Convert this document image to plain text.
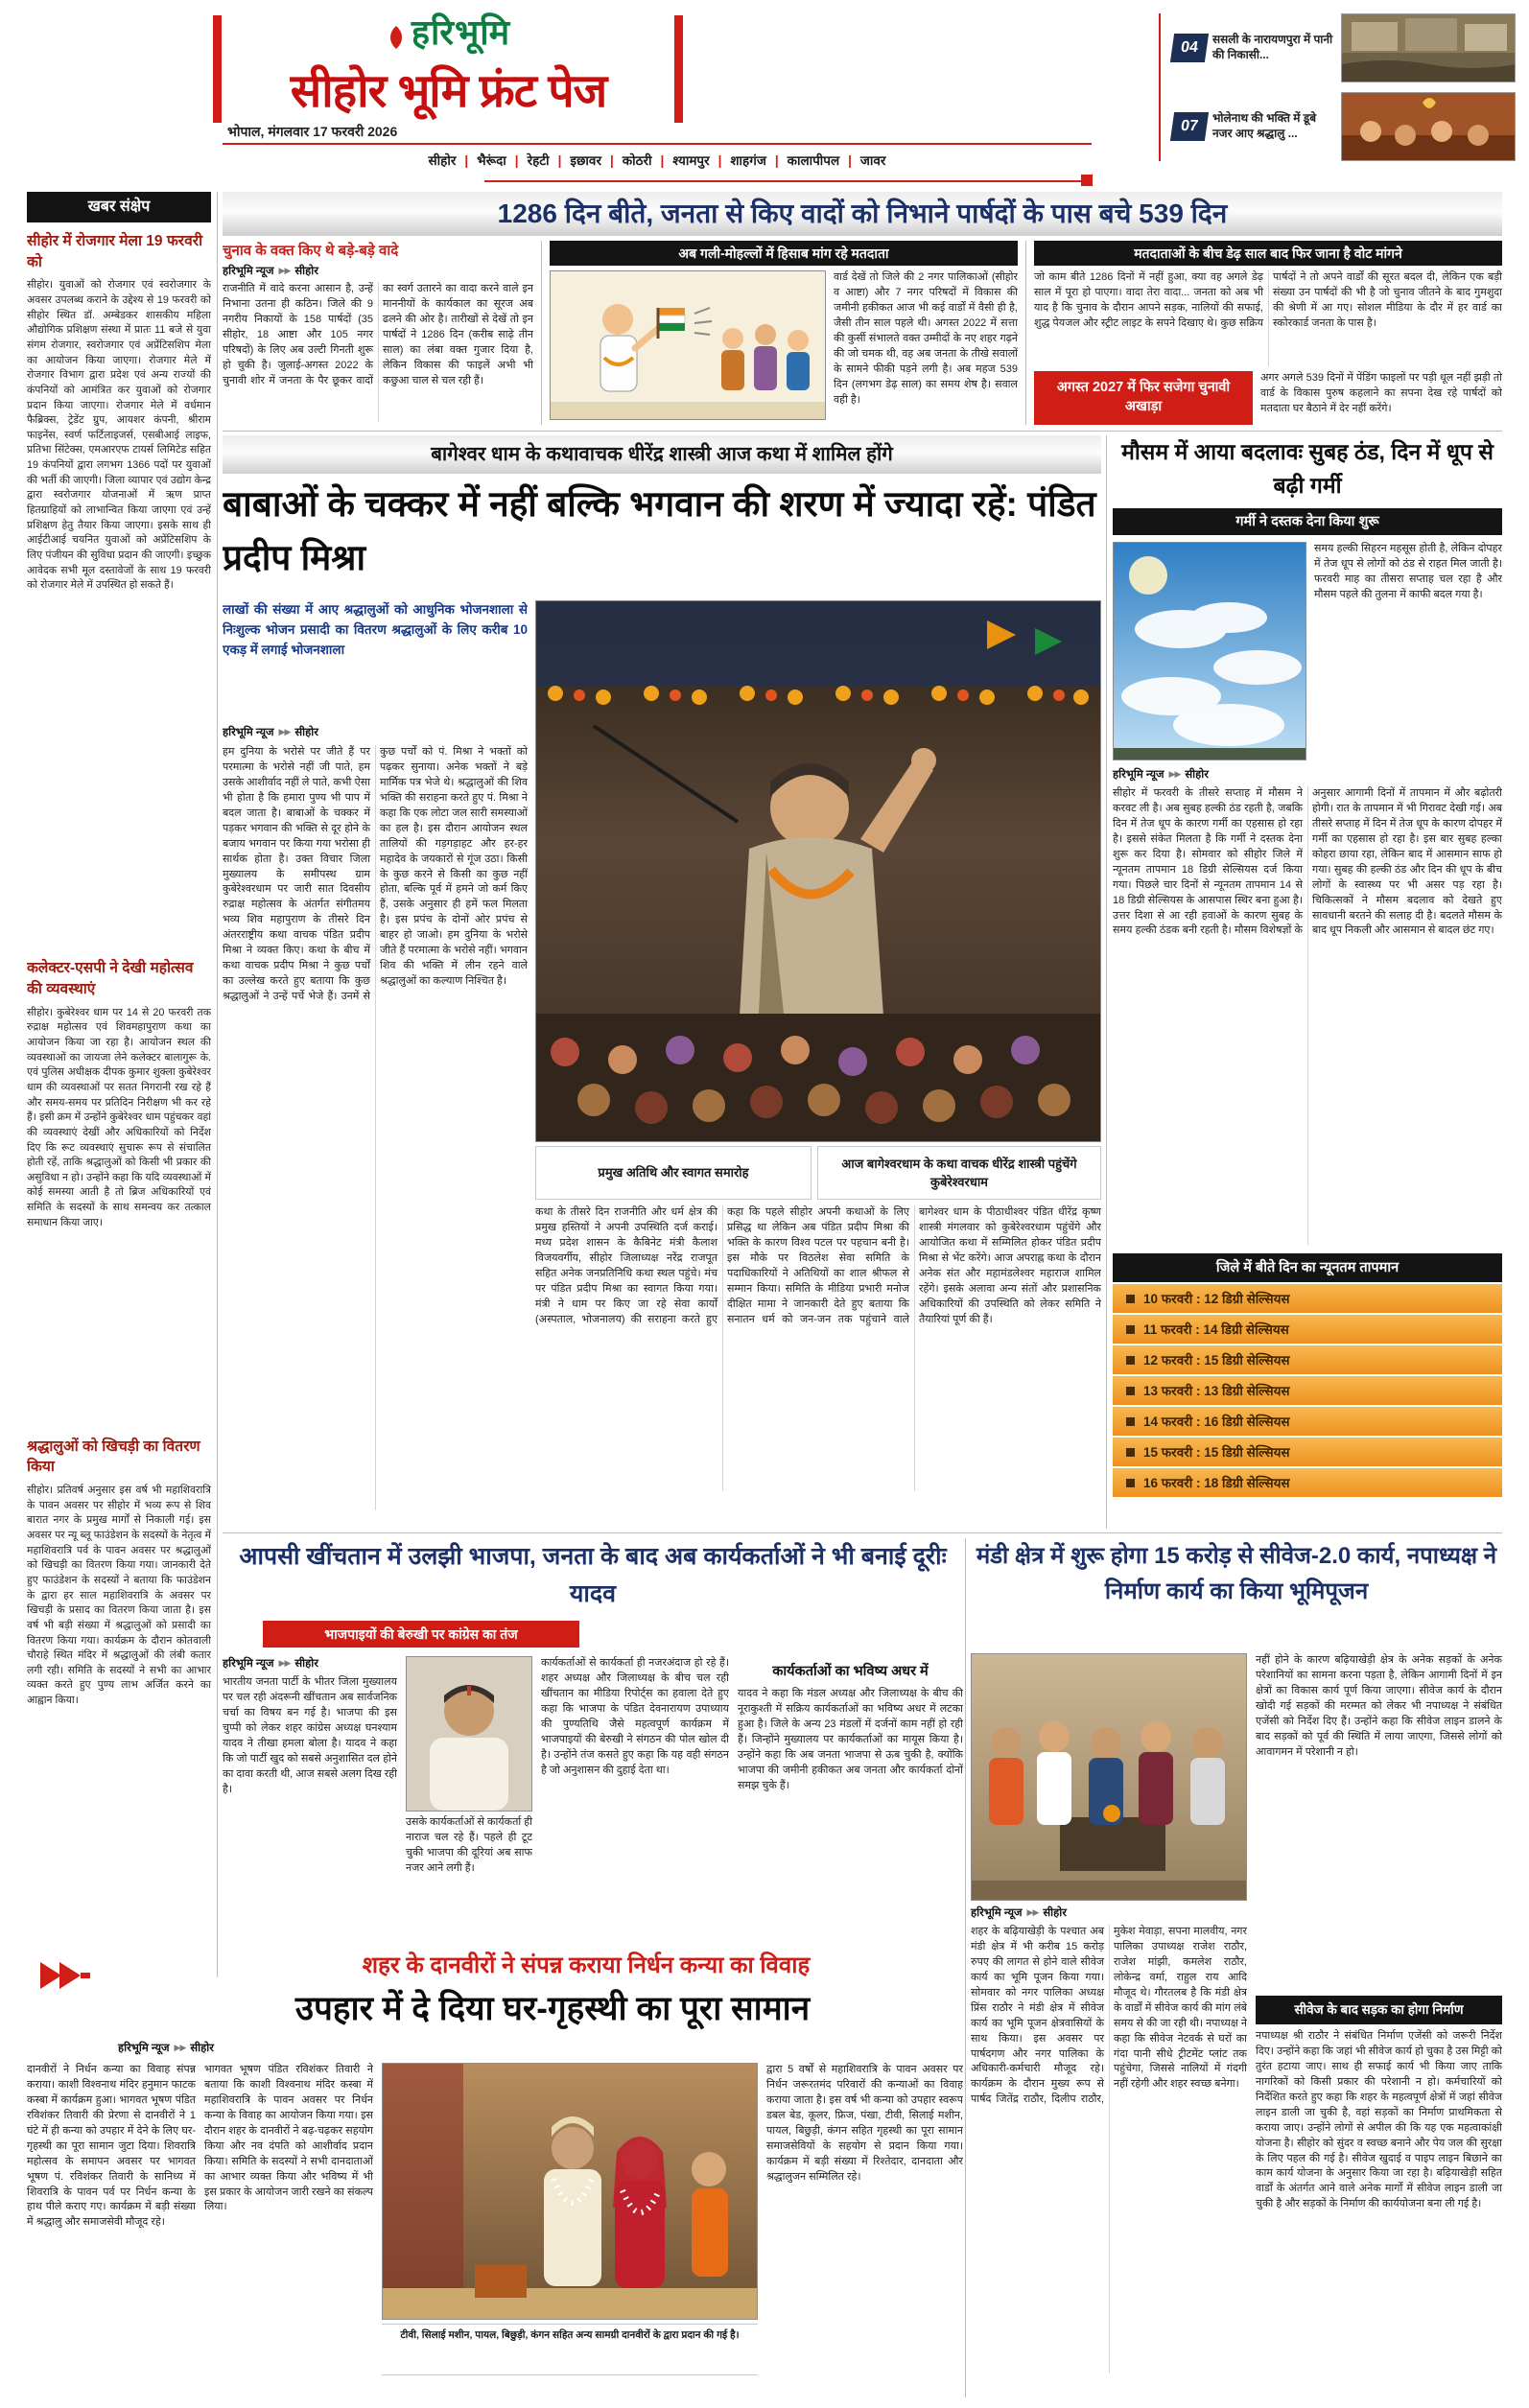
हरिभूमि
सीहोर भूमि फ्रंट पेज
भोपाल, मंगलवार 17 फरवरी 2026
सीहोर | भैरूंदा | रेहटी | इछावर | कोठरी | श्यामपुर | शाहगंज | कालापीपल | जावर
04	ससली के नारायणपुरा में पानी की निकासी...
07	भोलेनाथ की भक्ति में डूबे नजर आए श्रद्धालु ...
खबर संक्षेप
सीहोर में रोजगार मेला 19 फरवरी को
सीहोर। युवाओं को रोजगार एवं स्वरोजगार के अवसर उपलब्ध कराने के उद्देश्य से 19 फरवरी को सीहोर स्थित डॉ. अम्बेडकर शासकीय महिला औद्योगिक प्रशिक्षण संस्था में प्रातः 11 बजे से युवा संगम रोजगार, स्वरोजगार एवं अप्रेंटिसशिप मेला का आयोजन किया जाएगा। रोजगार मेले में रोजगार विभाग द्वारा प्रदेश एवं अन्य राज्यों की कंपनियों को आमंत्रित कर युवाओं को रोजगार प्रदान किया जाएगा। रोजगार मेले में वर्धमान फैब्रिक्स, ट्रेडेंट ग्रुप, आयशर कंपनी, श्रीराम फाइनेंस, स्वर्ण फर्टिलाइजर्स, एसबीआई लाइफ, प्रतिभा सिंटेक्स, एमआरएफ टायर्स लिमिटेड सहित 19 कंपनियों द्वारा लगभग 1366 पदों पर युवाओं की भर्ती की जाएगी। जिला व्यापार एवं उद्योग केन्द्र द्वारा स्वरोजगार योजनाओं में ऋण प्राप्त हितग्राहियों को लाभान्वित किया जाएगा एवं उन्हें प्रशिक्षण हेतु तैयार किया जाएगा। इसके साथ ही आईटीआई चयनित युवाओं को अप्रेंटिसशिप के लिए पंजीयन की सुविधा प्रदान की जाएगी। इच्छुक आवेदक सभी मूल दस्तावेजों के साथ 19 फरवरी को रोजगार मेले में उपस्थित हो सकते हैं।
कलेक्टर-एसपी ने देखी महोत्सव की व्यवस्थाएं
सीहोर। कुबेरेश्वर धाम पर 14 से 20 फरवरी तक रुद्राक्ष महोत्सव एवं शिवमहापुराण कथा का आयोजन किया जा रहा है। आयोजन स्थल की व्यवस्थाओं का जायजा लेने कलेक्टर बालागुरू के. एवं पुलिस अधीक्षक दीपक कुमार शुक्ला कुबेरेश्वर धाम की व्यवस्थाओं पर सतत निगरानी रख रहे हैं और समय-समय पर प्रतिदिन निरीक्षण भी कर रहे हैं। इसी क्रम में उन्होंने कुबेरेश्वर धाम पहुंचकर वहां की व्यवस्थाएं देखीं और अधिकारियों को निर्देश दिए कि रूट व्यवस्थाएं सुचारू रूप से संचालित होती रहें, ताकि श्रद्धालुओं को किसी भी प्रकार की असुविधा न हो। उन्होंने कहा कि यदि व्यवस्थाओं में कोई समस्या आती है तो ब्रिज अधिकारियों एवं समिति के सदस्यों के साथ समन्वय कर तत्काल समाधान किया जाए।
श्रद्धालुओं को खिचड़ी का वितरण किया
सीहोर। प्रतिवर्ष अनुसार इस वर्ष भी महाशिवरात्रि के पावन अवसर पर सीहोर में भव्य रूप से शिव बारात नगर के प्रमुख मार्गों से निकाली गई। इस अवसर पर न्यू ब्लू फाउंडेशन के सदस्यों के नेतृत्व में महाशिवरात्रि पर्व के पावन अवसर पर श्रद्धालुओं को खिचड़ी का वितरण किया गया। जानकारी देते हुए फाउंडेशन के सदस्यों ने बताया कि फाउंडेशन के द्वारा हर साल महाशिवरात्रि के अवसर पर खिचड़ी के प्रसाद का वितरण किया जाता है। इस वर्ष भी बड़ी संख्या में श्रद्धालुओं को प्रसादी का वितरण किया गया। कार्यक्रम के दौरान कोतवाली चौराहे स्थित मंदिर में श्रद्धालुओं की लंबी कतार लगी रही। समिति के सदस्यों ने सभी का आभार व्यक्त करते हुए पुण्य लाभ अर्जित करने का आह्वान किया।
1286 दिन बीते, जनता से किए वादों को निभाने पार्षदों के पास बचे 539 दिन
चुनाव के वक्त किए थे बड़े-बड़े वादे
हरिभूमि न्यूज ▶▶ सीहोर
राजनीति में वादे करना आसान है, उन्हें निभाना उतना ही कठिन। जिले की 9 नगरीय निकायों के 158 पार्षदों (35 सीहोर, 18 आष्टा और 105 नगर परिषदों) के लिए अब उल्टी गिनती शुरू हो चुकी है। जुलाई-अगस्त 2022 के चुनावी शोर में जनता के पैर छूकर वादों का स्वर्ग उतारने का वादा करने वाले इन माननीयों के कार्यकाल का सूरज अब ढलने की ओर है। तारीखों से देखें तो इन पार्षदों ने 1286 दिन (करीब साढ़े तीन साल) का लंबा वक्त गुजार दिया है, लेकिन विकास की फाइलें अभी भी कछुआ चाल से चल रही हैं।
अब गली-मोहल्लों में हिसाब मांग रहे मतदाता
वार्ड देखें तो जिले की 2 नगर पालिकाओं (सीहोर व आष्टा) और 7 नगर परिषदों में विकास की जमीनी हकीकत आज भी कई वार्डों में वैसी ही है, जैसी तीन साल पहले थी। अगस्त 2022 में सत्ता की कुर्सी संभालते वक्त उम्मीदों के नए शहर गढ़ने की जो चमक थी, वह अब जनता के तीखे सवालों के सामने फीकी पड़ने लगी है। अब महज 539 दिन (लगभग डेढ़ साल) का समय शेष है। सवाल वही है।
मतदाताओं के बीच डेढ़ साल बाद फिर जाना है वोट मांगने
जो काम बीते 1286 दिनों में नहीं हुआ, क्या वह अगले डेढ़ साल में पूरा हो पाएगा। वादा तेरा वादा... जनता को अब भी याद है कि चुनाव के दौरान आपने सड़क, नालियों की सफाई, शुद्ध पेयजल और स्ट्रीट लाइट के सपने दिखाए थे। कुछ सक्रिय पार्षदों ने तो अपने वार्डों की सूरत बदल दी, लेकिन एक बड़ी संख्या उन पार्षदों की भी है जो चुनाव जीतने के बाद गुमशुदा की श्रेणी में आ गए। सोशल मीडिया के दौर में हर वार्ड का स्कोरकार्ड जनता के पास है।
अगस्त 2027 में फिर सजेगा चुनावी अखाड़ा
अगर अगले 539 दिनों में पेंडिंग फाइलों पर पड़ी धूल नहीं झड़ी तो वार्ड के विकास पुरुष कहलाने का सपना देख रहे पार्षदों को मतदाता घर बैठाने में देर नहीं करेंगे।
बागेश्वर धाम के कथावाचक धीरेंद्र शास्त्री आज कथा में शामिल होंगे
बाबाओं के चक्कर में नहीं बल्कि भगवान की शरण में ज्यादा रहें: पंडित प्रदीप मिश्रा
लाखों की संख्या में आए श्रद्धालुओं को आधुनिक भोजनशाला से निःशुल्क भोजन प्रसादी का वितरण श्रद्धालुओं के लिए करीब 10 एकड़ में लगाई भोजनशाला
हरिभूमि न्यूज ▶▶ सीहोर
हम दुनिया के भरोसे पर जीते हैं पर परमात्मा के भरोसे नहीं जी पाते, हम उसके आशीर्वाद नहीं ले पाते, कभी ऐसा भी होता है कि हमारा पुण्य भी पाप में बदल जाता है। बाबाओं के चक्कर में पड़कर भगवान की भक्ति से दूर होने के बजाय भगवान पर किया गया भरोसा ही सार्थक होता है। उक्त विचार जिला मुख्यालय के समीपस्थ ग्राम कुबेरेश्वरधाम पर जारी सात दिवसीय रुद्राक्ष महोत्सव के अंतर्गत संगीतमय भव्य शिव महापुराण के तीसरे दिन अंतरराष्ट्रीय कथा वाचक पंडित प्रदीप मिश्रा ने व्यक्त किए। कथा के बीच में कथा वाचक प्रदीप मिश्रा ने कुछ पर्चों का उल्लेख करते हुए बताया कि कुछ श्रद्धालुओं ने उन्हें पर्चे भेजे हैं। उनमें से कुछ पर्चों को पं. मिश्रा ने भक्तों को पढ़कर सुनाया। अनेक भक्तों ने बड़े मार्मिक पत्र भेजे थे। श्रद्धालुओं की शिव भक्ति की सराहना करते हुए पं. मिश्रा ने कहा कि एक लोटा जल सारी समस्याओं का हल है। इस दौरान आयोजन स्थल तालियों की गड़गड़ाहट और हर-हर महादेव के जयकारों से गूंज उठा। किसी के कुछ करने से किसी का कुछ नहीं होता, बल्कि पूर्व में हमने जो कर्म किए हैं, उसके अनुसार ही हमें फल मिलता है। इस प्रपंच के दोनों ओर प्रपंच से बाहर हो जाओ। हम दुनिया के भरोसे जीते हैं परमात्मा के भरोसे नहीं। भगवान शिव की भक्ति में लीन रहने वाले श्रद्धालुओं का कल्याण निश्चित है।
प्रमुख अतिथि और स्वागत समारोह
आज बागेश्वरधाम के कथा वाचक धीरेंद्र शास्त्री पहुंचेंगे कुबेरेश्वरधाम
कथा के तीसरे दिन राजनीति और धर्म क्षेत्र की प्रमुख हस्तियों ने अपनी उपस्थिति दर्ज कराई। मध्य प्रदेश शासन के कैबिनेट मंत्री कैलाश विजयवर्गीय, सीहोर जिलाध्यक्ष नरेंद्र राजपूत सहित अनेक जनप्रतिनिधि कथा स्थल पहुंचे। मंच पर पंडित प्रदीप मिश्रा का स्वागत किया गया। मंत्री ने धाम पर किए जा रहे सेवा कार्यों (अस्पताल, भोजनालय) की सराहना करते हुए कहा कि पहले सीहोर अपनी कथाओं के लिए प्रसिद्ध था लेकिन अब पंडित प्रदीप मिश्रा की भक्ति के कारण विश्व पटल पर पहचान बनी है। इस मौके पर विठलेश सेवा समिति के पदाधिकारियों ने अतिथियों का शाल श्रीफल से सम्मान किया। समिति के मीडिया प्रभारी मनोज दीक्षित मामा ने जानकारी देते हुए बताया कि सनातन धर्म को जन-जन तक पहुंचाने वाले बागेश्वर धाम के पीठाधीश्वर पंडित धीरेंद्र कृष्ण शास्त्री मंगलवार को कुबेरेश्वरधाम पहुंचेंगे और आयोजित कथा में सम्मिलित होकर पंडित प्रदीप मिश्रा से भेंट करेंगे। आज अपराह्न कथा के दौरान अनेक संत और महामंडलेश्वर महाराज शामिल रहेंगे। इसके अलावा अन्य संतों और प्रशासनिक अधिकारियों की उपस्थिति को लेकर समिति ने तैयारियां पूर्ण की हैं।
मौसम में आया बदलावः सुबह ठंड, दिन में धूप से बढ़ी गर्मी
गर्मी ने दस्तक देना किया शुरू
समय हल्की सिहरन महसूस होती है, लेकिन दोपहर में तेज धूप से लोगों को ठंड से राहत मिल जाती है। फरवरी माह का तीसरा सप्ताह चल रहा है और मौसम पहले की तुलना में काफी बदल गया है।
हरिभूमि न्यूज ▶▶ सीहोर
सीहोर में फरवरी के तीसरे सप्ताह में मौसम ने करवट ली है। अब सुबह हल्की ठंड रहती है, जबकि दिन में तेज धूप के कारण गर्मी का एहसास हो रहा है। इससे संकेत मिलता है कि गर्मी ने दस्तक देना शुरू कर दिया है। सोमवार को सीहोर जिले में न्यूनतम तापमान 18 डिग्री सेल्सियस दर्ज किया गया। पिछले चार दिनों से न्यूनतम तापमान 14 से 18 डिग्री सेल्सियस के आसपास स्थिर बना हुआ है। उत्तर दिशा से आ रही हवाओं के कारण सुबह के समय हल्की ठंडक बनी रहती है। मौसम विशेषज्ञों के अनुसार आगामी दिनों में तापमान में और बढ़ोतरी होगी। रात के तापमान में भी गिरावट देखी गई। अब तीसरे सप्ताह में दिन में तेज धूप के कारण दोपहर में गर्मी का एहसास हो रहा है। इस बार सुबह हल्का कोहरा छाया रहा, लेकिन बाद में आसमान साफ हो गया। सुबह की हल्की ठंड और दिन की धूप के बीच लोगों के स्वास्थ्य पर भी असर पड़ रहा है। चिकित्सकों ने मौसम बदलाव को देखते हुए सावधानी बरतने की सलाह दी है। बदलते मौसम के बाद धूप निकली और आसमान से बादल छंट गए।
जिले में बीते दिन का न्यूनतम तापमान
10 फरवरी : 12 डिग्री सेल्सियस
11 फरवरी : 14 डिग्री सेल्सियस
12 फरवरी : 15 डिग्री सेल्सियस
13 फरवरी : 13 डिग्री सेल्सियस
14 फरवरी : 16 डिग्री सेल्सियस
15 फरवरी : 15 डिग्री सेल्सियस
16 फरवरी : 18 डिग्री सेल्सियस
आपसी खींचतान में उलझी भाजपा, जनता के बाद अब कार्यकर्ताओं ने भी बनाई दूरीः यादव
भाजपाइयों की बेरुखी पर कांग्रेस का तंज
हरिभूमि न्यूज ▶▶ सीहोर
भारतीय जनता पार्टी के भीतर जिला मुख्यालय पर चल रही अंदरूनी खींचतान अब सार्वजनिक चर्चा का विषय बन गई है। भाजपा की इस चुप्पी को लेकर शहर कांग्रेस अध्यक्ष घनश्याम यादव ने तीखा हमला बोला है। यादव ने कहा कि जो पार्टी खुद को सबसे अनुशासित दल होने का दावा करती थी, आज सबसे अलग दिख रही है।
उसके कार्यकर्ताओं से कार्यकर्ता ही नाराज चल रहे हैं। पहले ही टूट चुकी भाजपा की दूरियां अब साफ नजर आने लगी हैं।
कार्यकर्ताओं से कार्यकर्ता ही नजरअंदाज हो रहे हैं। शहर अध्यक्ष और जिलाध्यक्ष के बीच चल रही खींचतान का मीडिया रिपोर्ट्स का हवाला देते हुए कहा कि भाजपा के पंडित देवनारायण उपाध्याय की पुण्यतिथि जैसे महत्वपूर्ण कार्यक्रम में भाजपाइयों की बेरुखी ने संगठन की पोल खोल दी है। उन्होंने तंज कसते हुए कहा कि यह वही संगठन है जो अनुशासन की दुहाई देता था।
कार्यकर्ताओं का भविष्य अधर में
यादव ने कहा कि मंडल अध्यक्ष और जिलाध्यक्ष के बीच की नूराकुश्ती में सक्रिय कार्यकर्ताओं का भविष्य अधर में लटका हुआ है। जिले के अन्य 23 मंडलों में दर्जनों काम नहीं हो रही हैं। जिन्होंने मुख्यालय पर कार्यकर्ताओं का मायूस किया है। उन्होंने कहा कि अब जनता भाजपा से ऊब चुकी है, क्योंकि भाजपा की जमीनी हकीकत अब जनता और कार्यकर्ता दोनों समझ चुके हैं।
मंडी क्षेत्र में शुरू होगा 15 करोड़ से सीवेज-2.0 कार्य, नपाध्यक्ष ने निर्माण कार्य का किया भूमिपूजन
हरिभूमि न्यूज ▶▶ सीहोर
शहर के बढ़ियाखेड़ी के पश्चात अब मंडी क्षेत्र में भी करीब 15 करोड़ रुपए की लागत से होने वाले सीवेज कार्य का भूमि पूजन किया गया। सोमवार को नगर पालिका अध्यक्ष प्रिंस राठौर ने मंडी क्षेत्र में सीवेज कार्य का भूमि पूजन क्षेत्रवासियों के साथ किया। इस अवसर पर पार्षदगण और नगर पालिका के अधिकारी-कर्मचारी मौजूद रहे। कार्यक्रम के दौरान मुख्य रूप से पार्षद जितेंद्र राठौर, दिलीप राठौर, मुकेश मेवाड़ा, सपना मालवीय, नगर पालिका उपाध्यक्ष राजेश राठौर, राजेश मांझी, कमलेश राठौर, लोकेन्द्र वर्मा, राहुल राय आदि मौजूद थे। गौरतलब है कि मंडी क्षेत्र के वार्डों में सीवेज कार्य की मांग लंबे समय से की जा रही थी। नपाध्यक्ष ने कहा कि सीवेज नेटवर्क से घरों का गंदा पानी सीधे ट्रीटमेंट प्लांट तक पहुंचेगा, जिससे नालियों में गंदगी नहीं रहेगी और शहर स्वच्छ बनेगा।
नहीं होने के कारण बढ़ियाखेड़ी क्षेत्र के अनेक सड़कों के अनेक परेशानियों का सामना करना पड़ता है, लेकिन आगामी दिनों में इन क्षेत्रों का विकास कार्य पूर्ण किया जाएगा। सीवेज कार्य के दौरान खोदी गई सड़कों की मरम्मत को लेकर भी नपाध्यक्ष ने संबंधित एजेंसी को निर्देश दिए हैं। उन्होंने कहा कि सीवेज लाइन डालने के बाद सड़कों को पूर्व की स्थिति में लाया जाएगा, जिससे लोगों को आवागमन में परेशानी न हो।
सीवेज के बाद सड़क का होगा निर्माण
नपाध्यक्ष श्री राठौर ने संबंधित निर्माण एजेंसी को जरूरी निर्देश दिए। उन्होंने कहा कि जहां भी सीवेज कार्य हो चुका है उस मिट्टी को तुरंत हटाया जाए। साथ ही सफाई कार्य भी किया जाए ताकि नागरिकों को किसी प्रकार की परेशानी न हो। कर्मचारियों को निर्देशित करते हुए कहा कि शहर के महत्वपूर्ण क्षेत्रों में जहां सीवेज लाइन डाली जा चुकी है, वहां सड़कों का निर्माण प्राथमिकता से कराया जाए। उन्होंने लोगों से अपील की कि यह एक महत्वाकांक्षी योजना है। सीहोर को सुंदर व स्वच्छ बनाने और पेय जल की सुरक्षा के लिए पहल की गई है। सीवेज खुदाई व पाइप लाइन बिछाने का काम कार्य योजना के अनुसार किया जा रहा है। बढ़ियाखेड़ी सहित वार्डों के अंतर्गत आने वाले अनेक मार्गों में सीवेज लाइन डाली जा चुकी है और सड़कों के निर्माण की कार्ययोजना बना ली गई है।
शहर के दानवीरों ने संपन्न कराया निर्धन कन्या का विवाह
उपहार में दे दिया घर-गृहस्थी का पूरा सामान
हरिभूमि न्यूज ▶▶ सीहोर
दानवीरों ने निर्धन कन्या का विवाह संपन्न कराया। काशी विश्वनाथ मंदिर हनुमान फाटक कस्बा में कार्यक्रम हुआ। भागवत भूषण पंडित रविशंकर तिवारी की प्रेरणा से दानवीरों ने 1 घंटे में ही कन्या को उपहार में देने के लिए घर-गृहस्थी का पूरा सामान जुटा दिया। शिवरात्रि महोत्सव के समापन अवसर पर भागवत भूषण पं. रविशंकर तिवारी के सानिध्य में शिवरात्रि के पावन पर्व पर निर्धन कन्या के हाथ पीले कराए गए। कार्यक्रम में बड़ी संख्या में श्रद्धालु और समाजसेवी मौजूद रहे।
भागवत भूषण पंडित रविशंकर तिवारी ने बताया कि काशी विश्वनाथ मंदिर कस्बा में महाशिवरात्रि के पावन अवसर पर निर्धन कन्या के विवाह का आयोजन किया गया। इस दौरान शहर के दानवीरों ने बढ़-चढ़कर सहयोग किया और नव दंपति को आशीर्वाद प्रदान किया। समिति के सदस्यों ने सभी दानदाताओं का आभार व्यक्त किया और भविष्य में भी इस प्रकार के आयोजन जारी रखने का संकल्प लिया।
टीवी, सिलाई मशीन, पायल, बिछुड़ी, कंगन सहित अन्य सामग्री दानवीरों के द्वारा प्रदान की गई है।
द्वारा 5 वर्षों से महाशिवरात्रि के पावन अवसर पर निर्धन जरूरतमंद परिवारों की कन्याओं का विवाह कराया जाता है। इस वर्ष भी कन्या को उपहार स्वरूप डबल बेड, कूलर, फ्रिज, पंखा, टीवी, सिलाई मशीन, पायल, बिछुड़ी, कंगन सहित गृहस्थी का पूरा सामान समाजसेवियों के सहयोग से प्रदान किया गया। कार्यक्रम में बड़ी संख्या में रिश्तेदार, दानदाता और श्रद्धालुजन सम्मिलित रहे।
